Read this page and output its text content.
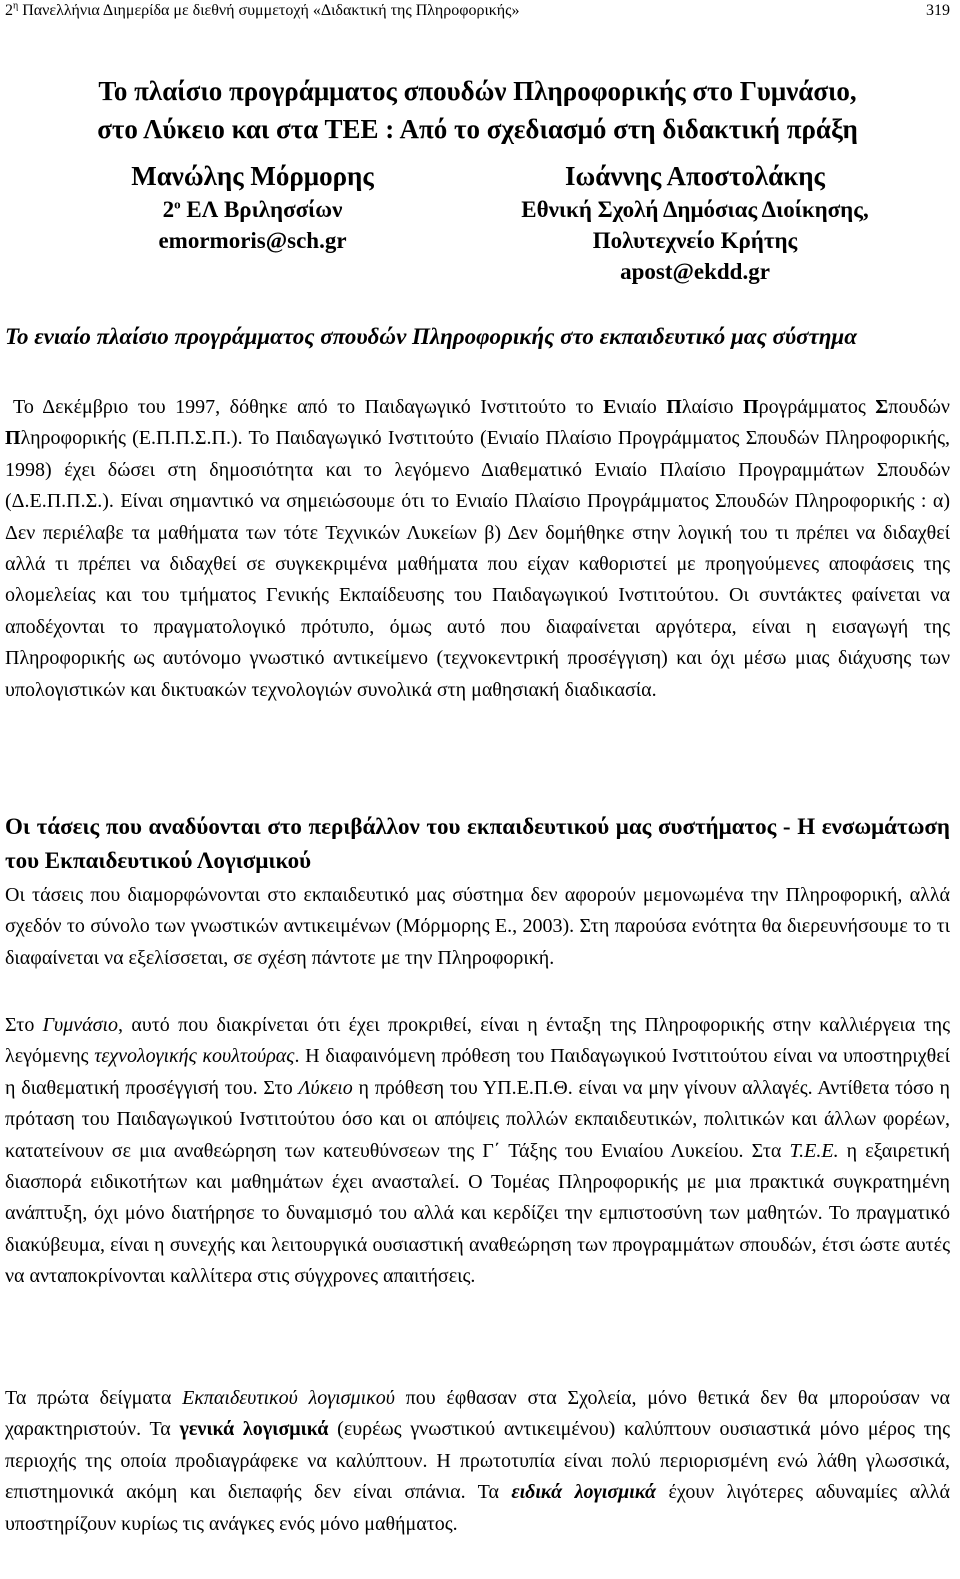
$2^\eta$ Πανελλήνια Διημερίδα με διεθνή συμμετοχή «Διδακτική της Πληροφορικής»	319
Το πλαίσιο προγράμματος σπουδών Πληροφορικής στο Γυμνάσιο,
στο Λύκειο και στα ΤΕΕ : Από το σχεδιασμό στη διδακτική πράξη
Μανώλης Μόρμορης
$2^o$ ΕΛ Βριλησσίων
emormoris@sch.gr
Ιωάννης Αποστολάκης
Εθνική Σχολή Δημόσιας Διοίκησης,
Πολυτεχνείο Κρήτης
apost@ekdd.gr
Το ενιαίο πλαίσιο προγράμματος σπουδών Πληροφορικής στο εκπαιδευτικό μας σύστημα
Το Δεκέμβριο του 1997, δόθηκε από το Παιδαγωγικό Ινστιτούτο το Ενιαίο Πλαίσιο Προγράμματος Σπουδών Πληροφορικής (Ε.Π.Π.Σ.Π.). Το Παιδαγωγικό Ινστιτούτο (Ενιαίο Πλαίσιο Προγράμματος Σπουδών Πληροφορικής, 1998) έχει δώσει στη δημοσιότητα και το λεγόμενο Διαθεματικό Ενιαίο Πλαίσιο Προγραμμάτων Σπουδών (Δ.Ε.Π.Π.Σ.). Είναι σημαντικό να σημειώσουμε ότι το Ενιαίο Πλαίσιο Προγράμματος Σπουδών Πληροφορικής : α) Δεν περιέλαβε τα μαθήματα των τότε Τεχνικών Λυκείων β) Δεν δομήθηκε στην λογική του τι πρέπει να διδαχθεί αλλά τι πρέπει να διδαχθεί σε συγκεκριμένα μαθήματα που είχαν καθοριστεί με προηγούμενες αποφάσεις της ολομελείας και του τμήματος Γενικής Εκπαίδευσης του Παιδαγωγικού Ινστιτούτου. Οι συντάκτες φαίνεται να αποδέχονται το πραγματολογικό πρότυπο, όμως αυτό που διαφαίνεται αργότερα, είναι η εισαγωγή της Πληροφορικής ως αυτόνομο γνωστικό αντικείμενο (τεχνοκεντρική προσέγγιση) και όχι μέσω μιας διάχυσης των υπολογιστικών και δικτυακών τεχνολογιών συνολικά στη μαθησιακή διαδικασία.
Οι τάσεις που αναδύονται στο περιβάλλον του εκπαιδευτικού μας συστήματος - Η ενσωμάτωση του Εκπαιδευτικού Λογισμικού
Οι τάσεις που διαμορφώνονται στο εκπαιδευτικό μας σύστημα δεν αφορούν μεμονωμένα την Πληροφορική, αλλά σχεδόν το σύνολο των γνωστικών αντικειμένων (Μόρμορης Ε., 2003). Στη παρούσα ενότητα θα διερευνήσουμε το τι διαφαίνεται να εξελίσσεται, σε σχέση πάντοτε με την Πληροφορική.
Στο Γυμνάσιο, αυτό που διακρίνεται ότι έχει προκριθεί, είναι η ένταξη της Πληροφορικής στην καλλιέργεια της λεγόμενης τεχνολογικής κουλτούρας. Η διαφαινόμενη πρόθεση του Παιδαγωγικού Ινστιτούτου είναι να υποστηριχθεί η διαθεματική προσέγγισή του. Στο Λύκειο η πρόθεση του ΥΠ.Ε.Π.Θ. είναι να μην γίνουν αλλαγές. Αντίθετα τόσο η πρόταση του Παιδαγωγικού Ινστιτούτου όσο και οι απόψεις πολλών εκπαιδευτικών, πολιτικών και άλλων φορέων, κατατείνουν σε μια αναθεώρηση των κατευθύνσεων της Γ΄ Τάξης του Ενιαίου Λυκείου. Στα Τ.Ε.Ε. η εξαιρετική διασπορά ειδικοτήτων και μαθημάτων έχει ανασταλεί. Ο Τομέας Πληροφορικής με μια πρακτικά συγκρατημένη ανάπτυξη, όχι μόνο διατήρησε το δυναμισμό του αλλά και κερδίζει την εμπιστοσύνη των μαθητών. Το πραγματικό διακύβευμα, είναι η συνεχής και λειτουργικά ουσιαστική αναθεώρηση των προγραμμάτων σπουδών, έτσι ώστε αυτές να ανταποκρίνονται καλλίτερα στις σύγχρονες απαιτήσεις.
Τα πρώτα δείγματα Εκπαιδευτικού λογισμικού που έφθασαν στα Σχολεία, μόνο θετικά δεν θα μπορούσαν να χαρακτηριστούν. Τα γενικά λογισμικά (ευρέως γνωστικού αντικειμένου) καλύπτουν ουσιαστικά μόνο μέρος της περιοχής της οποία προδιαγράφεκε να καλύπτουν. Η πρωτοτυπία είναι πολύ περιορισμένη ενώ λάθη γλωσσικά, επιστημονικά ακόμη και διεπαφής δεν είναι σπάνια. Τα ειδικά λογισμικά έχουν λιγότερες αδυναμίες αλλά υποστηρίζουν κυρίως τις ανάγκες ενός μόνο μαθήματος.
